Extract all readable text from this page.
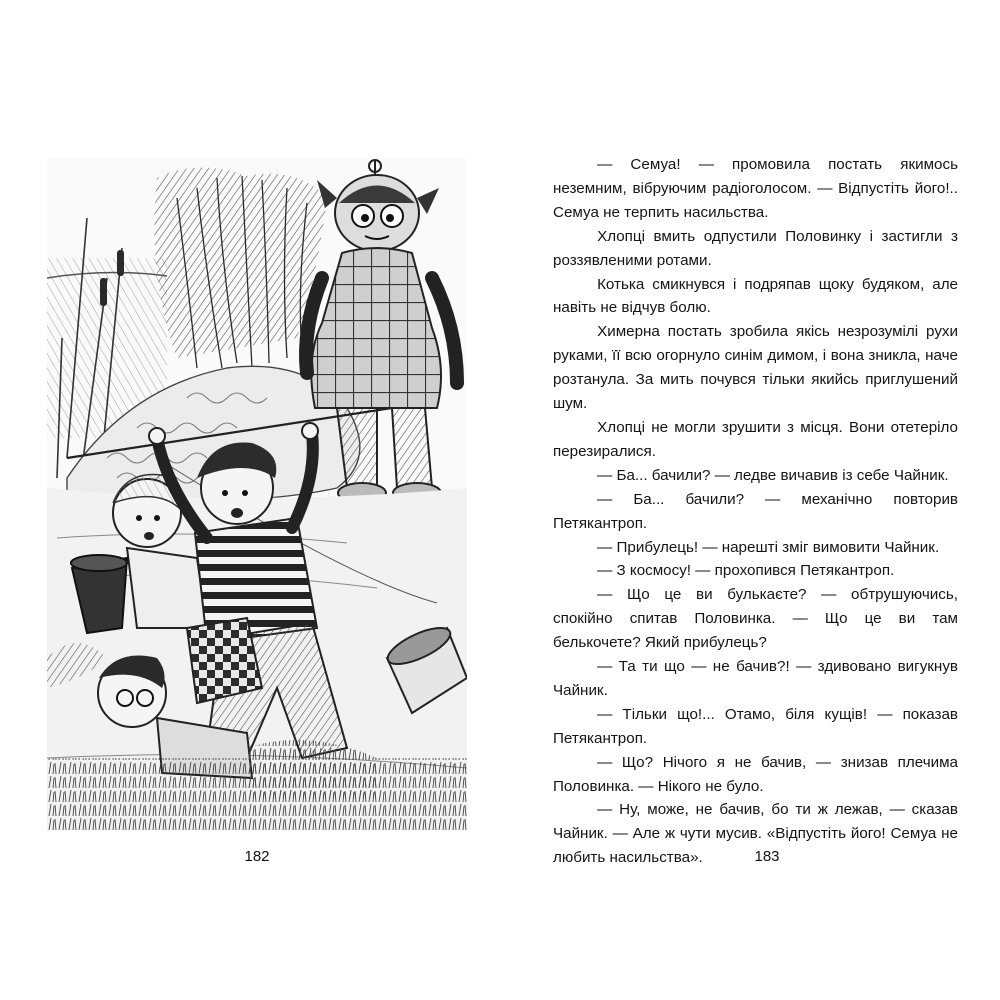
182

— Семуа! — промовила постать якимось неземним, вібруючим радіоголосом. — Відпустіть його!.. Семуа не терпить насильства.

Хлопці вмить одпустили Половинку і застигли з роззявленими ротами.

Котька смикнувся і подряпав щоку будяком, але навіть не відчув болю.

Химерна постать зробила якісь незрозумілі рухи руками, її всю огорнуло синім димом, і вона зникла, наче розтанула. За мить почувся тільки якийсь приглушений шум.

Хлопці не могли зрушити з місця. Вони отетеріло перезиралися.

— Ба... бачили? — ледве вичавив із себе Чайник.

— Ба... бачили? — механічно повторив Петякантроп.

— Прибулець! — нарешті зміг вимовити Чайник.

— З космосу! — прохопився Петякантроп.

— Що це ви булькаєте? — обтрушуючись, спокійно спитав Половинка. — Що це ви там белькочете? Який прибулець?

— Та ти що — не бачив?! — здивовано вигукнув Чайник.

— Тільки що!... Отамо, біля кущів! — показав Петякантроп.

— Що? Нічого я не бачив, — знизав плечима Половинка. — Нікого не було.

— Ну, може, не бачив, бо ти ж лежав, — сказав Чайник. — Але ж чути мусив. «Відпустіть його! Семуа не любить насильства».	183
